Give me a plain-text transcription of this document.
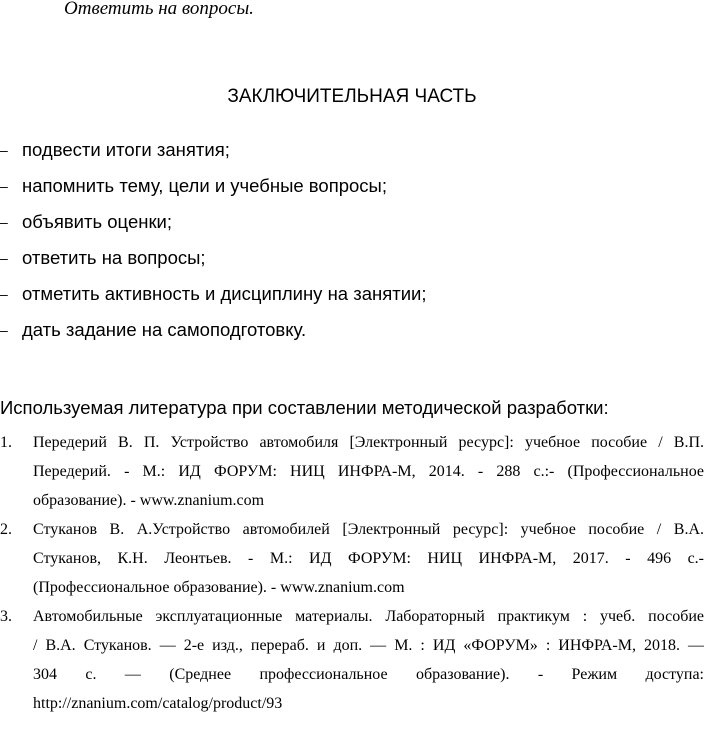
Ответить на вопросы.

ЗАКЛЮЧИТЕЛЬНАЯ ЧАСТЬ
– подвести итоги занятия;
– напомнить тему, цели и учебные вопросы;
– объявить оценки;
– ответить на вопросы;
– отметить активность и дисциплину на занятии;
– дать задание на самоподготовку.
Используемая литература при составлении методической разработки:
1. Передерий В. П. Устройство автомобиля [Электронный ресурс]: учебное пособие / В.П.
Передерий. - М.: ИД ФОРУМ: НИЦ ИНФРА-М, 2014. - 288 с.:- (Профессиональное
образование). - www.znanium.com
2. Стуканов В. А.Устройство автомобилей [Электронный ресурс]: учебное пособие / В.А.
Стуканов, К.Н. Леонтьев. - М.: ИД ФОРУМ: НИЦ ИНФРА-М, 2017. - 496 с.-
(Профессиональное образование). - www.znanium.com
3. Автомобильные эксплуатационные материалы. Лабораторный практикум : учеб. пособие
/ В.А. Стуканов. — 2-е изд., перераб. и доп. — М. : ИД «ФОРУМ» : ИНФРА-М, 2018. —
304 с. — (Среднее профессиональное образование). - Режим доступа:
http://znanium.com/catalog/product/93
